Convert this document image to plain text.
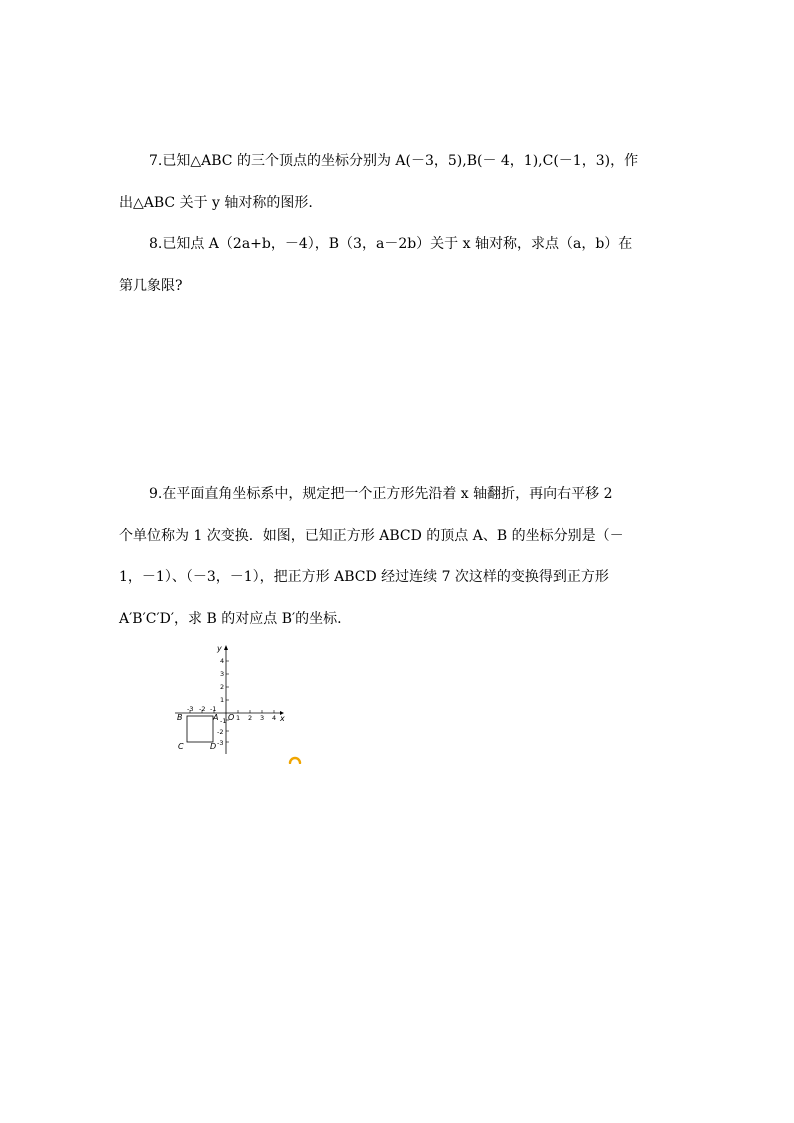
7.已知△ABC 的三个顶点的坐标分别为 A(－3，5),B(－ 4，1),C(－1，3)，作
出△ABC 关于 y 轴对称的图形.
8.已知点 A（2a+b，－4），B（3，a－2b）关于 x 轴对称，求点（a，b）在
第几象限?
9.在平面直角坐标系中，规定把一个正方形先沿着 x 轴翻折，再向右平移 2
个单位称为 1 次变换．如图，已知正方形 ABCD 的顶点 A、B 的坐标分别是（－
1，－1）、（－3，－1），把正方形 ABCD 经过连续 7 次这样的变换得到正方形
A′B′C′D′，求 B 的对应点 B′的坐标.
-3 -2 -1
1 2 3 4
4
3
2
1
-1
-2
-3
x
y
O
A
B
C	D
